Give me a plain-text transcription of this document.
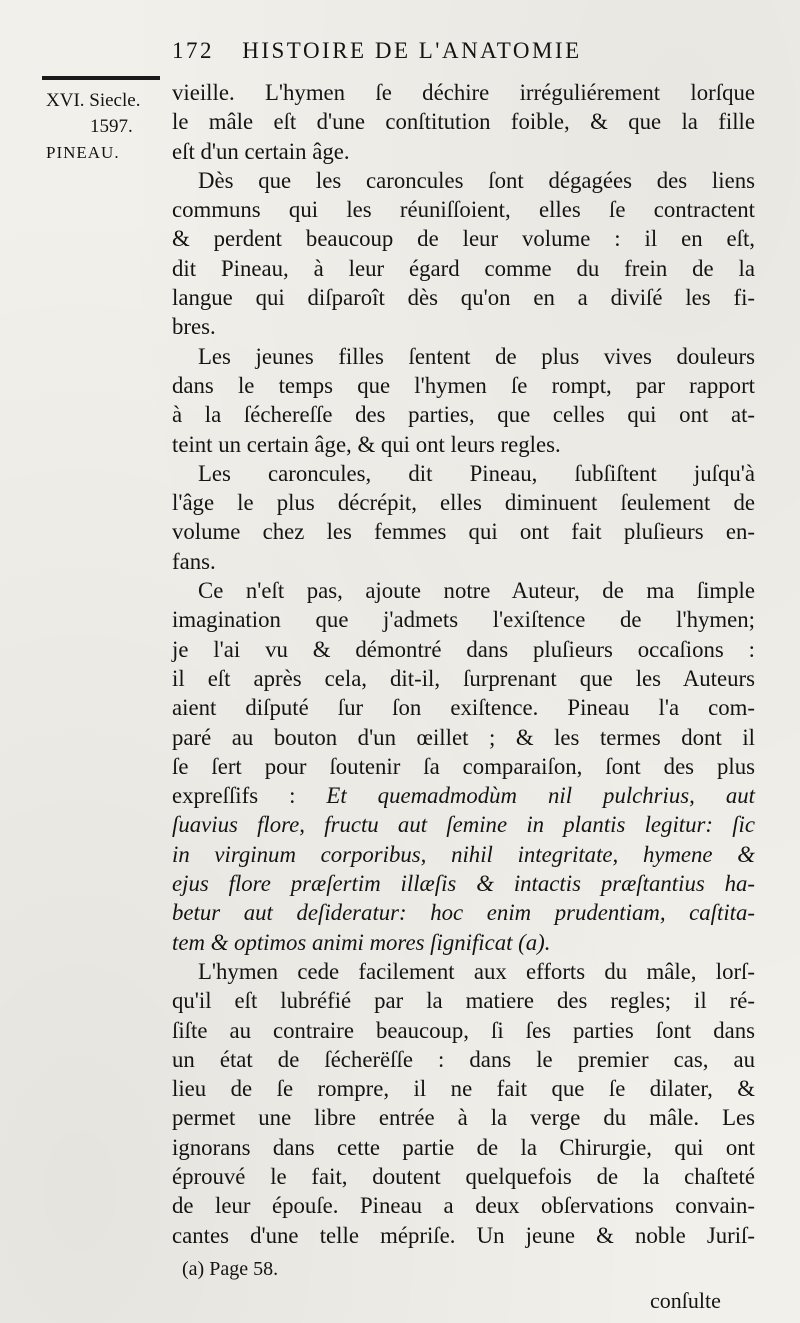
172 HISTOIRE DE L'ANATOMIE
XVI. Siecle.
1597.
PINEAU.
vieille. L'hymen ſe déchire irréguliérement lorſque
le mâle eſt d'une conſtitution foible, & que la fille
eſt d'un certain âge.
Dès que les caroncules ſont dégagées des liens
communs qui les réuniſſoient, elles ſe contractent
& perdent beaucoup de leur volume : il en eſt,
dit Pineau, à leur égard comme du frein de la
langue qui diſparoît dès qu'on en a diviſé les fi-
bres.
Les jeunes filles ſentent de plus vives douleurs
dans le temps que l'hymen ſe rompt, par rapport
à la ſéchereſſe des parties, que celles qui ont at-
teint un certain âge, & qui ont leurs regles.
Les caroncules, dit Pineau, ſubſiſtent juſqu'à
l'âge le plus décrépit, elles diminuent ſeulement de
volume chez les femmes qui ont fait pluſieurs en-
fans.
Ce n'eſt pas, ajoute notre Auteur, de ma ſimple
imagination que j'admets l'exiſtence de l'hymen;
je l'ai vu & démontré dans pluſieurs occaſions :
il eſt après cela, dit-il, ſurprenant que les Auteurs
aient diſputé ſur ſon exiſtence. Pineau l'a com-
paré au bouton d'un œillet ; & les termes dont il
ſe ſert pour ſoutenir ſa comparaiſon, ſont des plus
expreſſifs : Et quemadmodùm nil pulchrius, aut
ſuavius flore, fructu aut ſemine in plantis legitur: ſic
in virginum corporibus, nihil integritate, hymene &
ejus flore præſertim illæſis & intactis præſtantius ha-
betur aut deſideratur: hoc enim prudentiam, caſtita-
tem & optimos animi mores ſignificat (a).
L'hymen cede facilement aux efforts du mâle, lorſ-
qu'il eſt lubréfié par la matiere des regles; il ré-
ſiſte au contraire beaucoup, ſi ſes parties ſont dans
un état de ſécherëſſe : dans le premier cas, au
lieu de ſe rompre, il ne fait que ſe dilater, &
permet une libre entrée à la verge du mâle. Les
ignorans dans cette partie de la Chirurgie, qui ont
éprouvé le fait, doutent quelquefois de la chaſteté
de leur épouſe. Pineau a deux obſervations convain-
cantes d'une telle mépriſe. Un jeune & noble Juriſ-
(a) Page 58.
conſulte
